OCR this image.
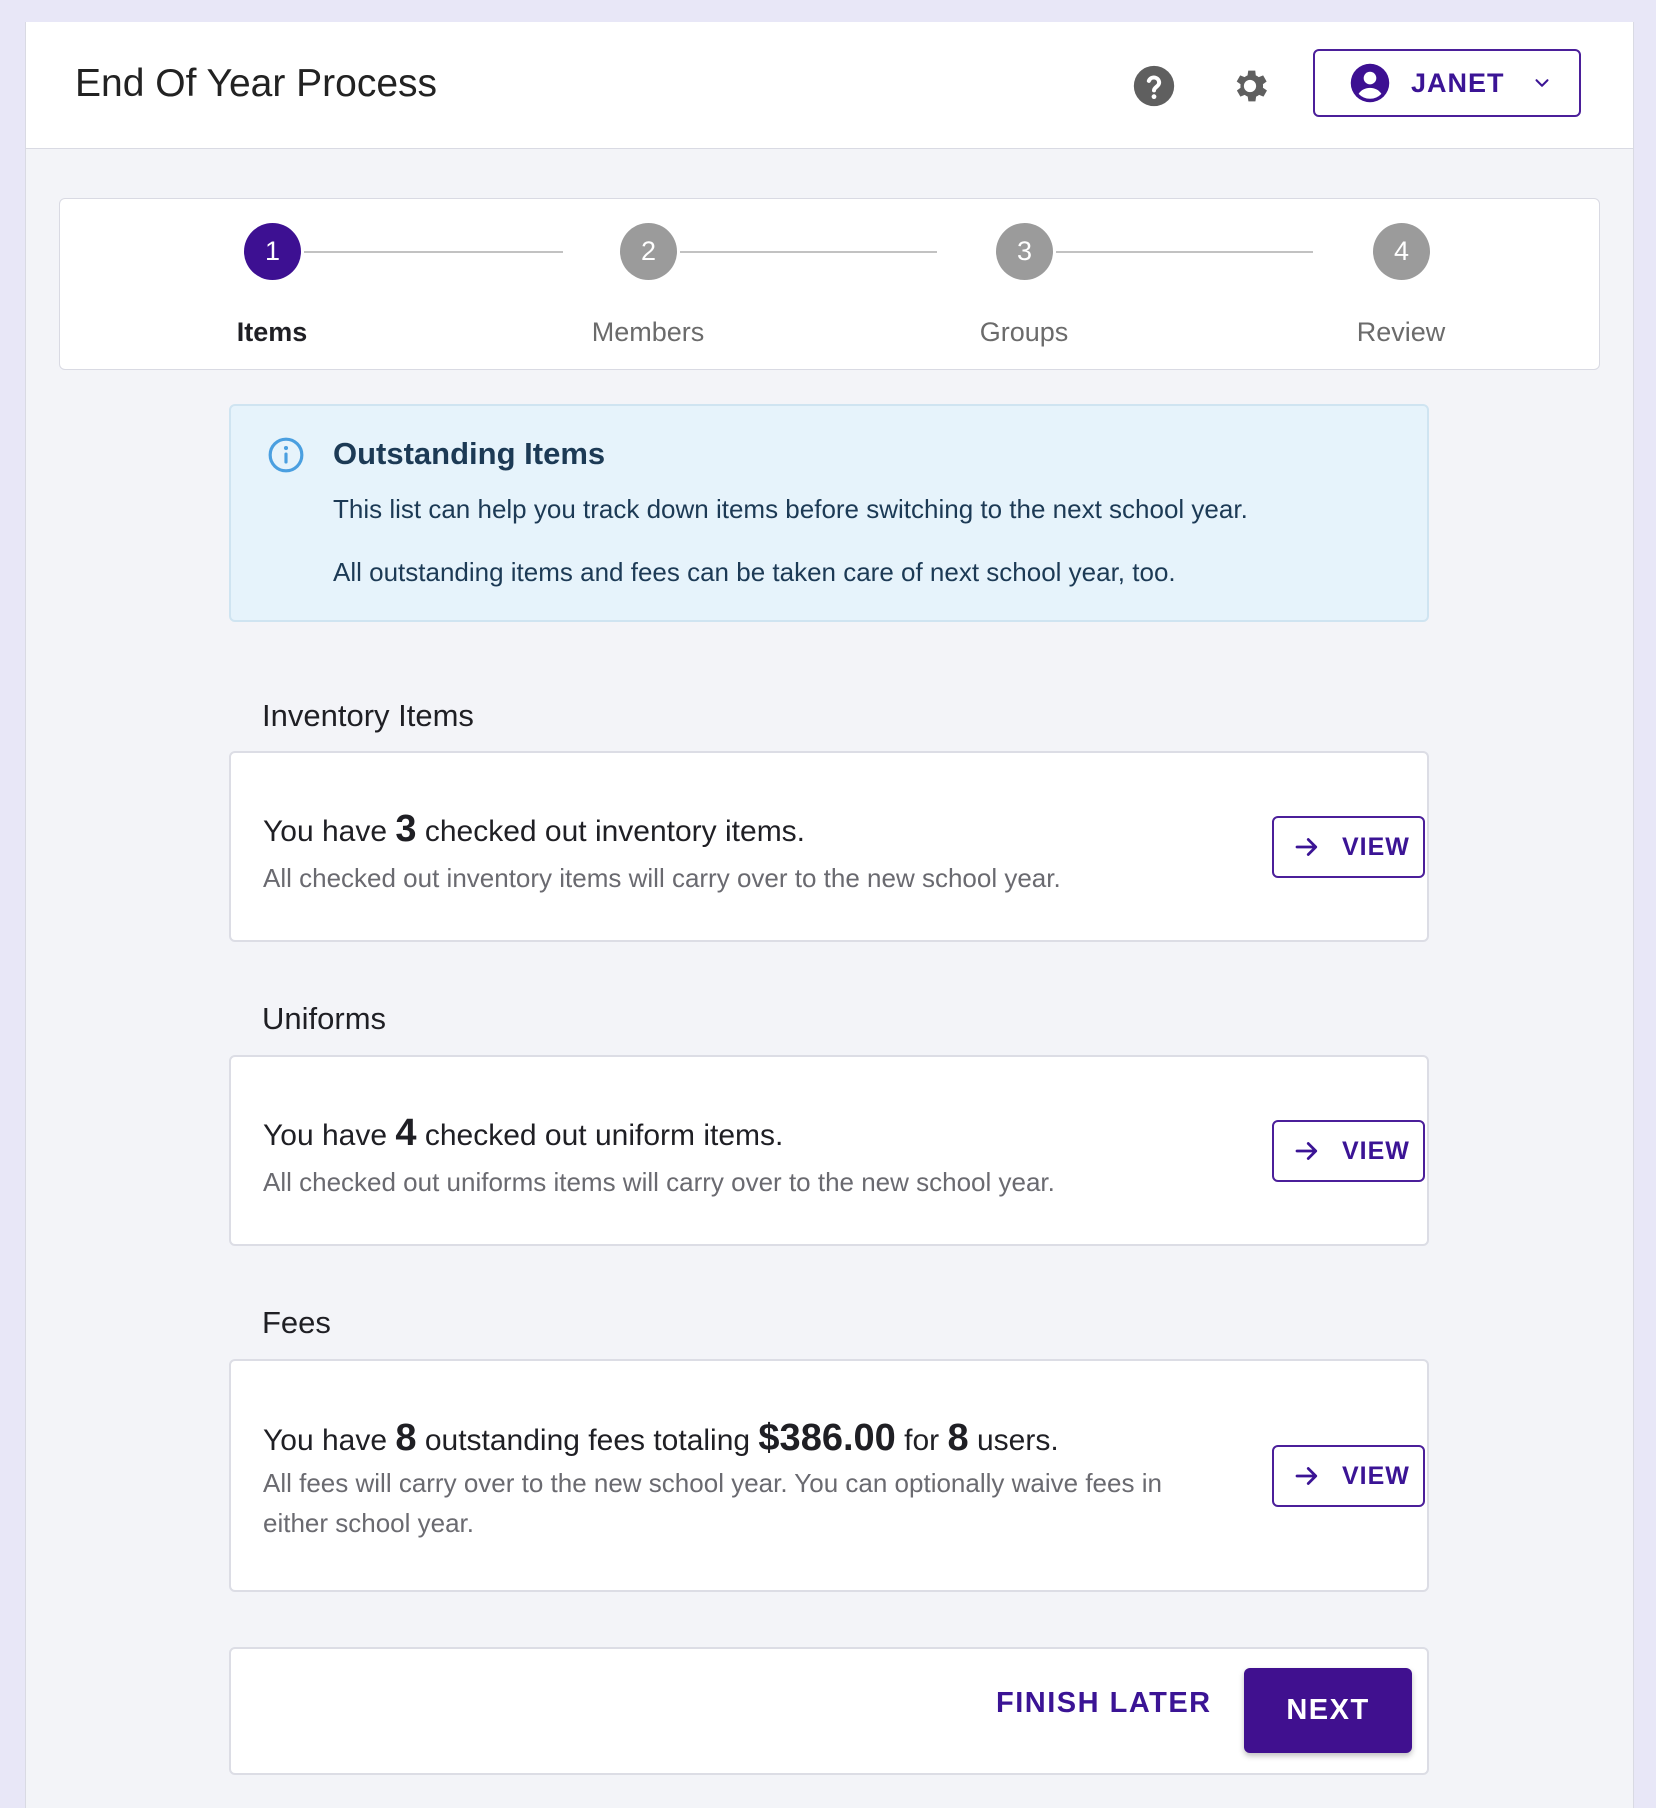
End Of Year Process	JANET
1
Items
2
Members
3
Groups
4
Review
Outstanding Items
This list can help you track down items before switching to the next school year.
All outstanding items and fees can be taken care of next school year, too.
Inventory Items
You have 3 checked out inventory items.
All checked out inventory items will carry over to the new school year.
VIEW
Uniforms
You have 4 checked out uniform items.
All checked out uniforms items will carry over to the new school year.
VIEW
Fees
You have 8 outstanding fees totaling $386.00 for 8 users.
All fees will carry over to the new school year. You can optionally waive fees in either school year.
VIEW
FINISH LATER	NEXT
